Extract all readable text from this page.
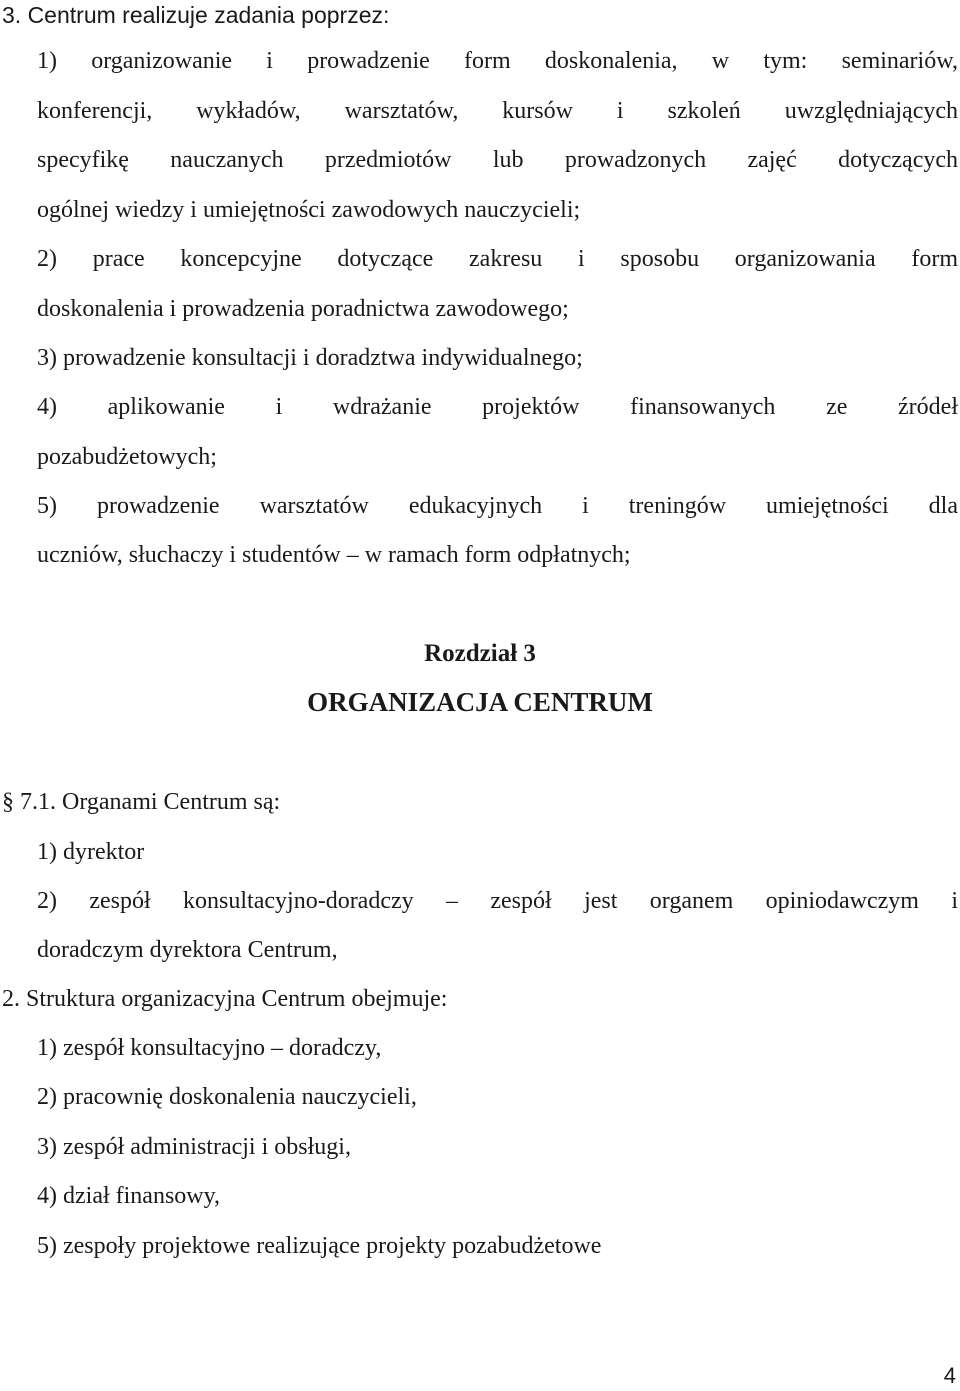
3. Centrum realizuje zadania poprzez:
1) organizowanie i prowadzenie form doskonalenia, w tym: seminariów,
konferencji, wykładów, warsztatów, kursów i szkoleń uwzględniających
specyfikę nauczanych przedmiotów lub prowadzonych zajęć dotyczących
ogólnej wiedzy i umiejętności zawodowych nauczycieli;
2) prace koncepcyjne dotyczące zakresu i sposobu organizowania form
doskonalenia i prowadzenia poradnictwa zawodowego;
3) prowadzenie konsultacji i doradztwa indywidualnego;
4) aplikowanie i wdrażanie projektów finansowanych ze źródeł
pozabudżetowych;
5) prowadzenie warsztatów edukacyjnych i treningów umiejętności dla
uczniów, słuchaczy i studentów – w ramach form odpłatnych;
Rozdział 3
ORGANIZACJA CENTRUM
§ 7.1. Organami Centrum są:
1) dyrektor
2) zespół konsultacyjno-doradczy – zespół jest organem opiniodawczym i
doradczym dyrektora Centrum,
2. Struktura organizacyjna Centrum obejmuje:
1) zespół konsultacyjno – doradczy,
2) pracownię doskonalenia nauczycieli,
3) zespół administracji i obsługi,
4) dział finansowy,
5) zespoły projektowe realizujące projekty pozabudżetowe
4
